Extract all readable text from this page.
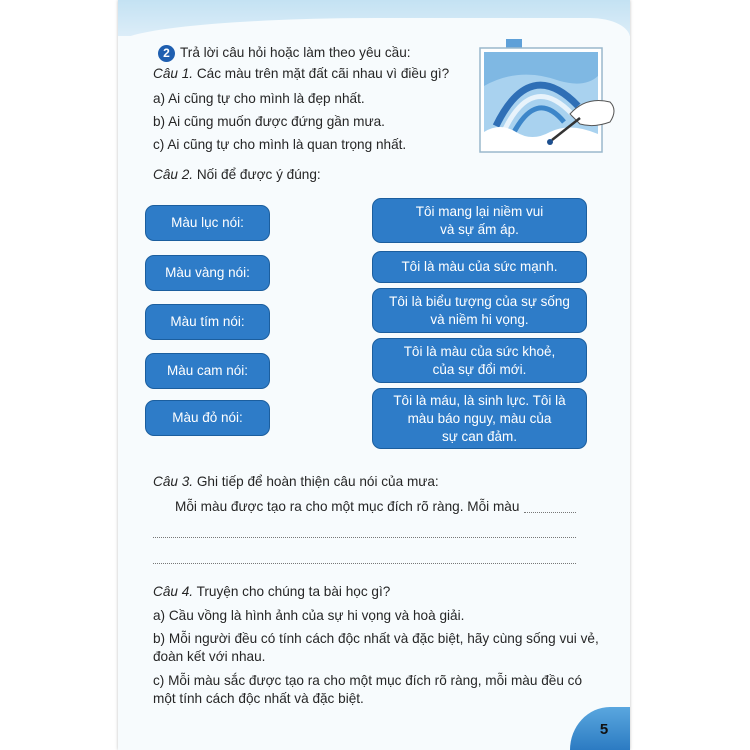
2 Trả lời câu hỏi hoặc làm theo yêu cầu:
Câu 1. Các màu trên mặt đất cãi nhau vì điều gì?
a) Ai cũng tự cho mình là đẹp nhất.
b) Ai cũng muốn được đứng gần mưa.
c) Ai cũng tự cho mình là quan trọng nhất.
Câu 2. Nối để được ý đúng:
Màu lục nói:
Màu vàng nói:
Màu tím nói:
Màu cam nói:
Màu đỏ nói:
Tôi mang lại niềm vui
và sự ấm áp.
Tôi là màu của sức mạnh.
Tôi là biểu tượng của sự sống
và niềm hi vọng.
Tôi là màu của sức khoẻ,
của sự đổi mới.
Tôi là máu, là sinh lực. Tôi là
màu báo nguy, màu của
sự can đảm.
Câu 3. Ghi tiếp để hoàn thiện câu nói của mưa:
Mỗi màu được tạo ra cho một mục đích rõ ràng. Mỗi màu
Câu 4. Truyện cho chúng ta bài học gì?
a) Cầu vồng là hình ảnh của sự hi vọng và hoà giải.
b) Mỗi người đều có tính cách độc nhất và đặc biệt, hãy cùng sống vui vẻ,
đoàn kết với nhau.
c) Mỗi màu sắc được tạo ra cho một mục đích rõ ràng, mỗi màu đều có
một tính cách độc nhất và đặc biệt.
5
